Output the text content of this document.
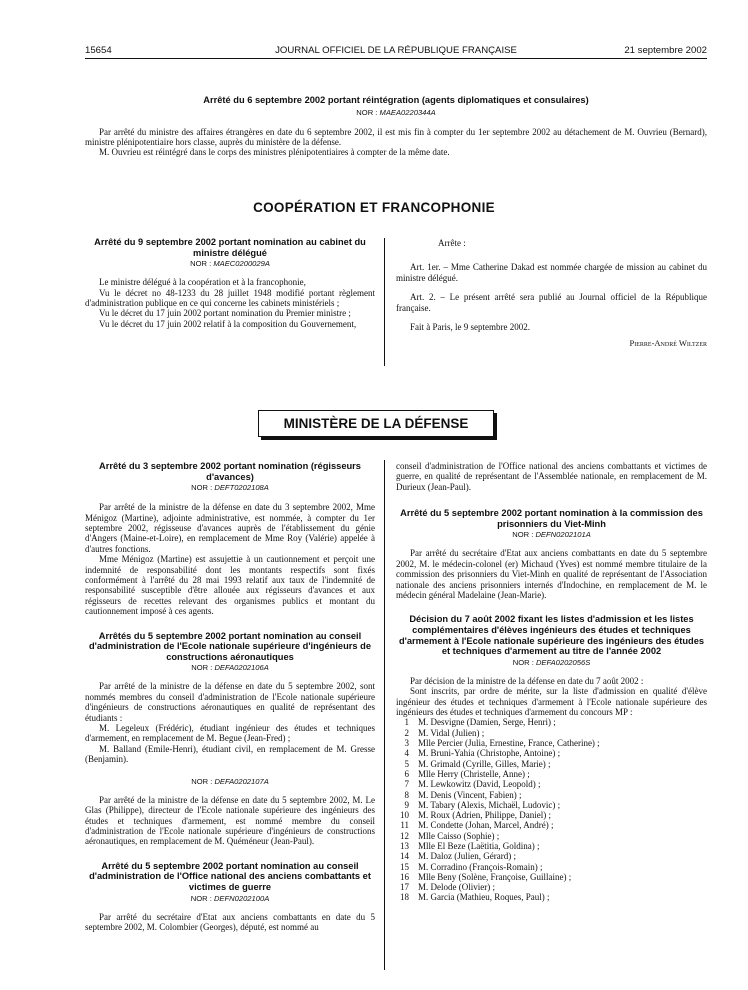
15654	JOURNAL OFFICIEL DE LA RÉPUBLIQUE FRANÇAISE	21 septembre 2002
Arrêté du 6 septembre 2002 portant réintégration (agents diplomatiques et consulaires)
NOR : MAEA0220344A

Par arrêté du ministre des affaires étrangères en date du 6 septembre 2002, il est mis fin à compter du 1er septembre 2002 au détachement de M. Ouvrieu (Bernard), ministre plénipotentiaire hors classe, auprès du ministère de la défense.

M. Ouvrieu est réintégré dans le corps des ministres plénipotentiaires à compter de la même date.

COOPÉRATION ET FRANCOPHONIE
Arrêté du 9 septembre 2002 portant nomination au cabinet du ministre délégué
NOR : MAEC0200029A

Le ministre délégué à la coopération et à la francophonie,

Vu le décret no 48-1233 du 28 juillet 1948 modifié portant règlement d'administration publique en ce qui concerne les cabinets ministériels ;

Vu le décret du 17 juin 2002 portant nomination du Premier ministre ;

Vu le décret du 17 juin 2002 relatif à la composition du Gouvernement,

Arrête :

Art. 1er. – Mme Catherine Dakad est nommée chargée de mission au cabinet du ministre délégué.

Art. 2. – Le présent arrêté sera publié au Journal officiel de la République française.

Fait à Paris, le 9 septembre 2002.

Pierre-André Wiltzer
MINISTÈRE DE LA DÉFENSE
Arrêté du 3 septembre 2002 portant nomination (régisseurs d'avances)
NOR : DEFT0202108A

Par arrêté de la ministre de la défense en date du 3 septembre 2002, Mme Ménigoz (Martine), adjointe administrative, est nommée, à compter du 1er septembre 2002, régisseuse d'avances auprès de l'établissement du génie d'Angers (Maine-et-Loire), en remplacement de Mme Roy (Valérie) appelée à d'autres fonctions.

Mme Ménigoz (Martine) est assujettie à un cautionnement et perçoit une indemnité de responsabilité dont les montants respectifs sont fixés conformément à l'arrêté du 28 mai 1993 relatif aux taux de l'indemnité de responsabilité susceptible d'être allouée aux régisseurs d'avances et aux régisseurs de recettes relevant des organismes publics et montant du cautionnement imposé à ces agents.

Arrêtés du 5 septembre 2002 portant nomination au conseil d'administration de l'Ecole nationale supérieure d'ingénieurs de constructions aéronautiques
NOR : DEFA0202106A

Par arrêté de la ministre de la défense en date du 5 septembre 2002, sont nommés membres du conseil d'administration de l'Ecole nationale supérieure d'ingénieurs de constructions aéronautiques en qualité de représentant des étudiants :

M. Legeleux (Frédéric), étudiant ingénieur des études et techniques d'armement, en remplacement de M. Begue (Jean-Fred) ;

M. Balland (Emile-Henri), étudiant civil, en remplacement de M. Gresse (Benjamin).

NOR : DEFA0202107A

Par arrêté de la ministre de la défense en date du 5 septembre 2002, M. Le Glas (Philippe), directeur de l'Ecole nationale supérieure des ingénieurs des études et techniques d'armement, est nommé membre du conseil d'administration de l'Ecole nationale supérieure d'ingénieurs de constructions aéronautiques, en remplacement de M. Quéméneur (Jean-Paul).

Arrêté du 5 septembre 2002 portant nomination au conseil d'administration de l'Office national des anciens combattants et victimes de guerre
NOR : DEFN0202100A

Par arrêté du secrétaire d'Etat aux anciens combattants en date du 5 septembre 2002, M. Colombier (Georges), député, est nommé au

conseil d'administration de l'Office national des anciens combattants et victimes de guerre, en qualité de représentant de l'Assemblée nationale, en remplacement de M. Durieux (Jean-Paul).

Arrêté du 5 septembre 2002 portant nomination à la commission des prisonniers du Viet-Minh
NOR : DEFN0202101A

Par arrêté du secrétaire d'Etat aux anciens combattants en date du 5 septembre 2002, M. le médecin-colonel (er) Michaud (Yves) est nommé membre titulaire de la commission des prisonniers du Viet-Minh en qualité de représentant de l'Association nationale des anciens prisonniers internés d'Indochine, en remplacement de M. le médecin général Madelaine (Jean-Marie).

Décision du 7 août 2002 fixant les listes d'admission et les listes complémentaires d'élèves ingénieurs des études et techniques d'armement à l'Ecole nationale supérieure des ingénieurs des études et techniques d'armement au titre de l'année 2002
NOR : DEFA0202056S

Par décision de la ministre de la défense en date du 7 août 2002 :

Sont inscrits, par ordre de mérite, sur la liste d'admission en qualité d'élève ingénieur des études et techniques d'armement à l'Ecole nationale supérieure des ingénieurs des études et techniques d'armement du concours MP :

1 M. Desvigne (Damien, Serge, Henri) ;
2 M. Vidal (Julien) ;
3 Mlle Percier (Julia, Ernestine, France, Catherine) ;
4 M. Bruni-Yahia (Christophe, Antoine) ;
5 M. Grimald (Cyrille, Gilles, Marie) ;
6 Mlle Herry (Christelle, Anne) ;
7 M. Lewkowitz (David, Leopold) ;
8 M. Denis (Vincent, Fabien) ;
9 M. Tabary (Alexis, Michaël, Ludovic) ;
10 M. Roux (Adrien, Philippe, Daniel) ;
11 M. Condette (Johan, Marcel, André) ;
12 Mlle Caisso (Sophie) ;
13 Mlle El Beze (Laëtitia, Goldina) ;
14 M. Daloz (Julien, Gérard) ;
15 M. Corradino (François-Romain) ;
16 Mlle Beny (Solène, Françoise, Guillaine) ;
17 M. Delode (Olivier) ;
18 M. Garcia (Mathieu, Roques, Paul) ;
